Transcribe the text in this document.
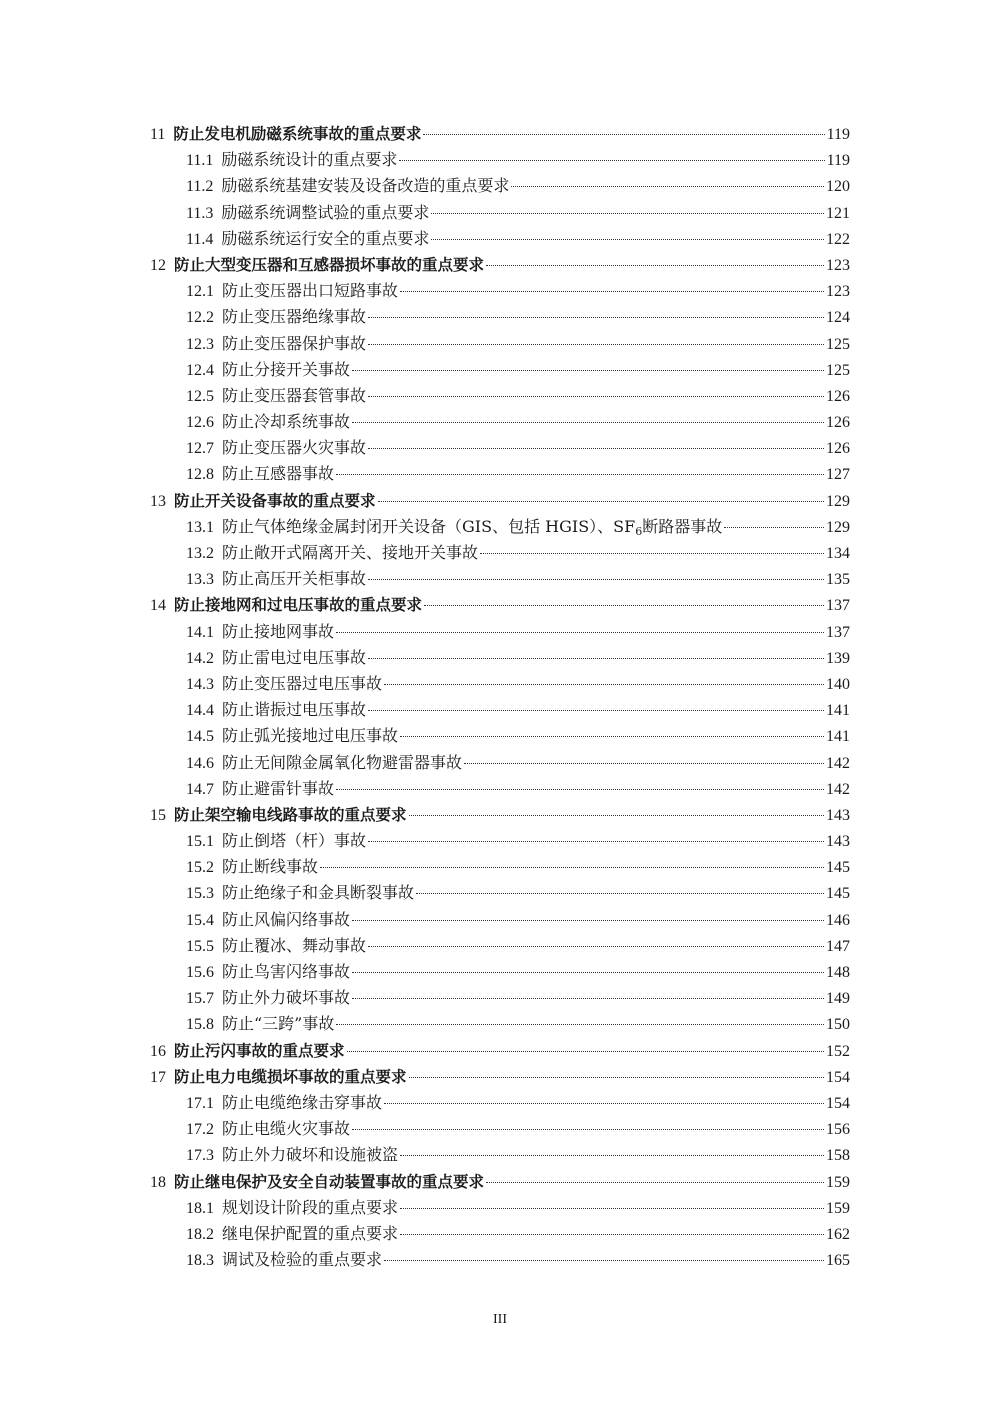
11 防止发电机励磁系统事故的重点要求	119
11.1 励磁系统设计的重点要求	119
11.2 励磁系统基建安装及设备改造的重点要求	120
11.3 励磁系统调整试验的重点要求	121
11.4 励磁系统运行安全的重点要求	122
12 防止大型变压器和互感器损坏事故的重点要求	123
12.1 防止变压器出口短路事故	123
12.2 防止变压器绝缘事故	124
12.3 防止变压器保护事故	125
12.4 防止分接开关事故	125
12.5 防止变压器套管事故	126
12.6 防止冷却系统事故	126
12.7 防止变压器火灾事故	126
12.8 防止互感器事故	127
13 防止开关设备事故的重点要求	129
13.1 防止气体绝缘金属封闭开关设备（GIS、包括 HGIS）、$SF_6$断路器事故	129
13.2 防止敞开式隔离开关、接地开关事故	134
13.3 防止高压开关柜事故	135
14 防止接地网和过电压事故的重点要求	137
14.1 防止接地网事故	137
14.2 防止雷电过电压事故	139
14.3 防止变压器过电压事故	140
14.4 防止谐振过电压事故	141
14.5 防止弧光接地过电压事故	141
14.6 防止无间隙金属氧化物避雷器事故	142
14.7 防止避雷针事故	142
15 防止架空输电线路事故的重点要求	143
15.1 防止倒塔（杆）事故	143
15.2 防止断线事故	145
15.3 防止绝缘子和金具断裂事故	145
15.4 防止风偏闪络事故	146
15.5 防止覆冰、舞动事故	147
15.6 防止鸟害闪络事故	148
15.7 防止外力破坏事故	149
15.8 防止“三跨”事故	150
16 防止污闪事故的重点要求	152
17 防止电力电缆损坏事故的重点要求	154
17.1 防止电缆绝缘击穿事故	154
17.2 防止电缆火灾事故	156
17.3 防止外力破坏和设施被盗	158
18 防止继电保护及安全自动装置事故的重点要求	159
18.1 规划设计阶段的重点要求	159
18.2 继电保护配置的重点要求	162
18.3 调试及检验的重点要求	165
III
